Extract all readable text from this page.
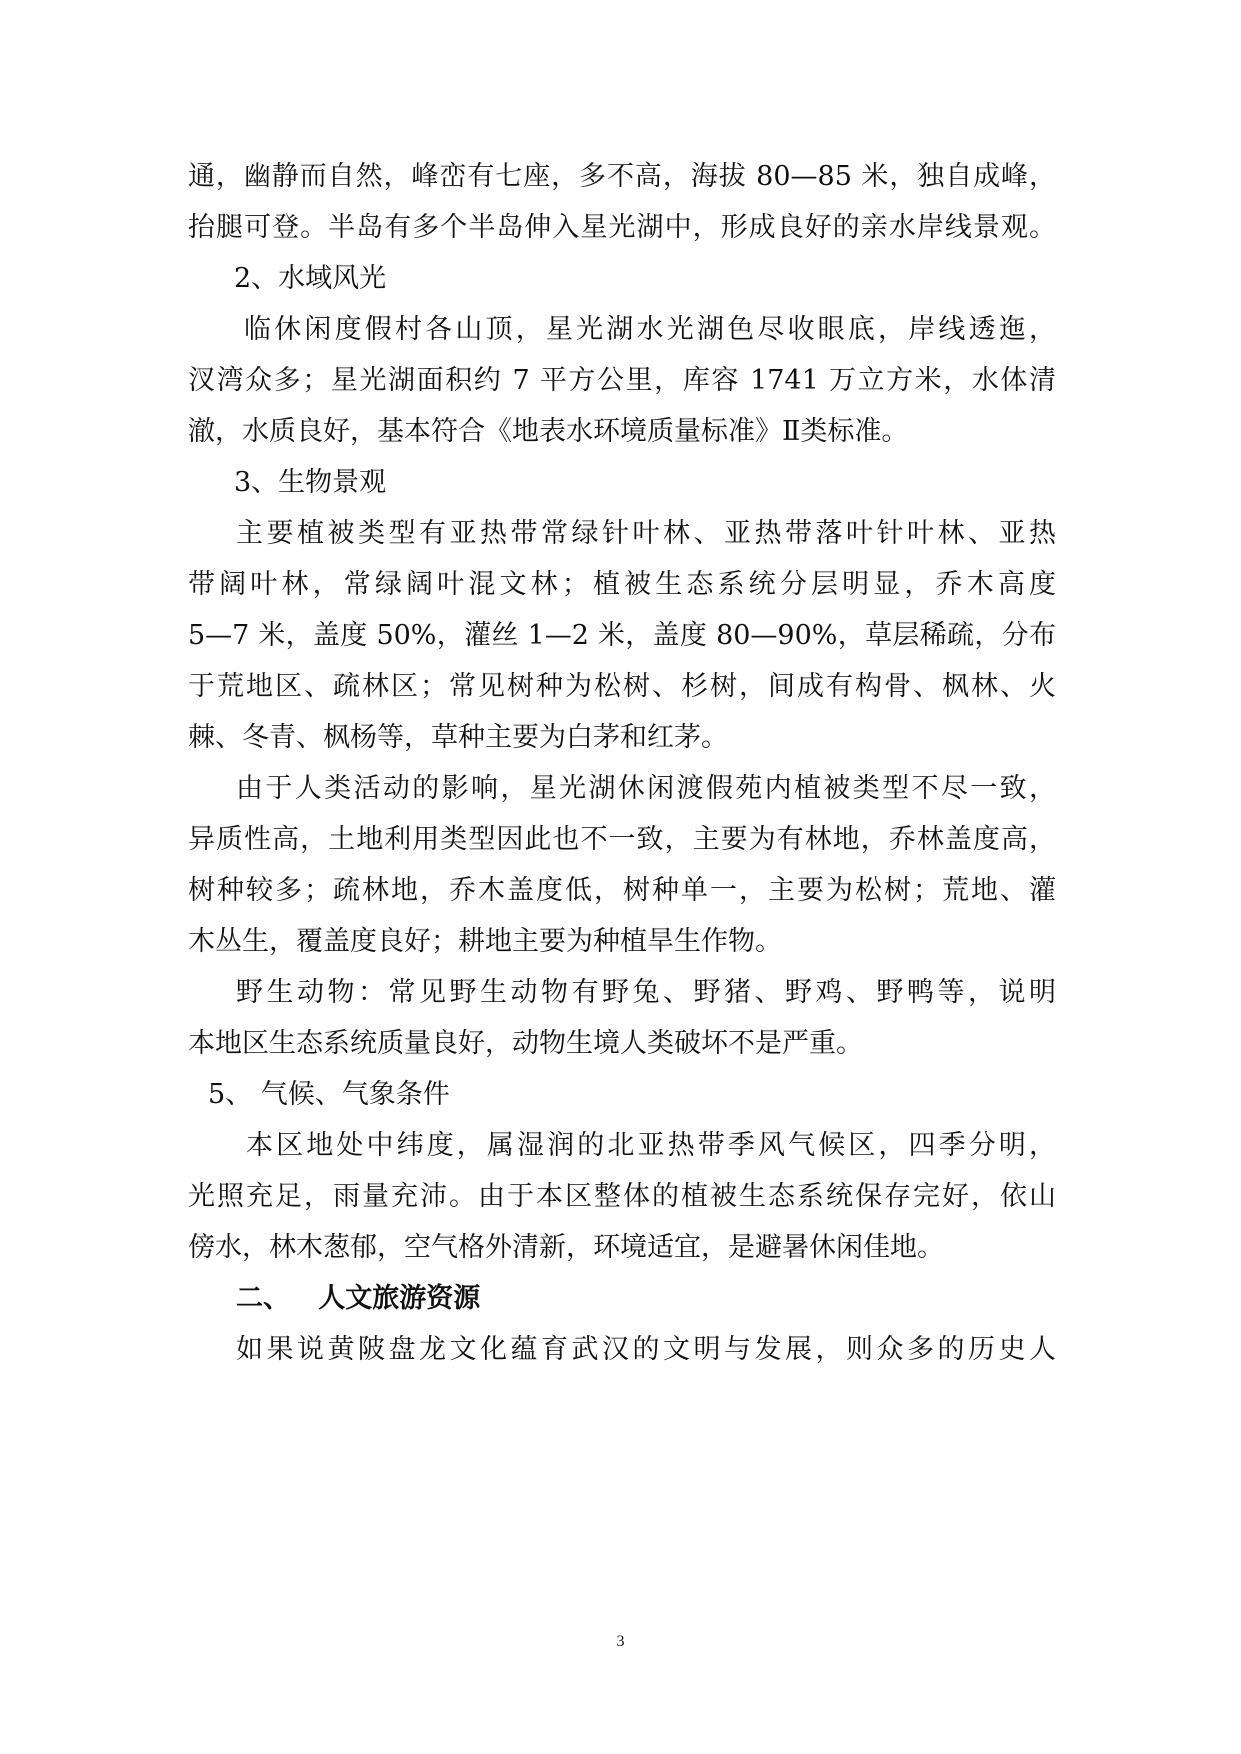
通，幽静而自然，峰峦有七座，多不高，海拔 80—85 米，独自成峰，
抬腿可登。半岛有多个半岛伸入星光湖中，形成良好的亲水岸线景观。
2、水域风光
临休闲度假村各山顶，星光湖水光湖色尽收眼底，岸线透迤，
汊湾众多；星光湖面积约 7 平方公里，库容 1741 万立方米，水体清
澈，水质良好，基本符合《地表水环境质量标准》Ⅱ类标准。
3、生物景观
主要植被类型有亚热带常绿针叶林、亚热带落叶针叶林、亚热
带阔叶林，常绿阔叶混文林；植被生态系统分层明显，乔木高度
5—7 米，盖度 50%，灌丝 1—2 米，盖度 80—90%，草层稀疏，分布
于荒地区、疏林区；常见树种为松树、杉树，间成有构骨、枫林、火
棘、冬青、枫杨等，草种主要为白茅和红茅。
由于人类活动的影响，星光湖休闲渡假苑内植被类型不尽一致，
异质性高，土地利用类型因此也不一致，主要为有林地，乔林盖度高，
树种较多；疏林地，乔木盖度低，树种单一，主要为松树；荒地、灌
木丛生，覆盖度良好；耕地主要为种植旱生作物。
野生动物：常见野生动物有野兔、野猪、野鸡、野鸭等，说明
本地区生态系统质量良好，动物生境人类破坏不是严重。
5、 气候、气象条件
本区地处中纬度，属湿润的北亚热带季风气候区，四季分明，
光照充足，雨量充沛。由于本区整体的植被生态系统保存完好，依山
傍水，林木葱郁，空气格外清新，环境适宜，是避暑休闲佳地。
二、   人文旅游资源
如果说黄陂盘龙文化蕴育武汉的文明与发展，则众多的历史人
3
